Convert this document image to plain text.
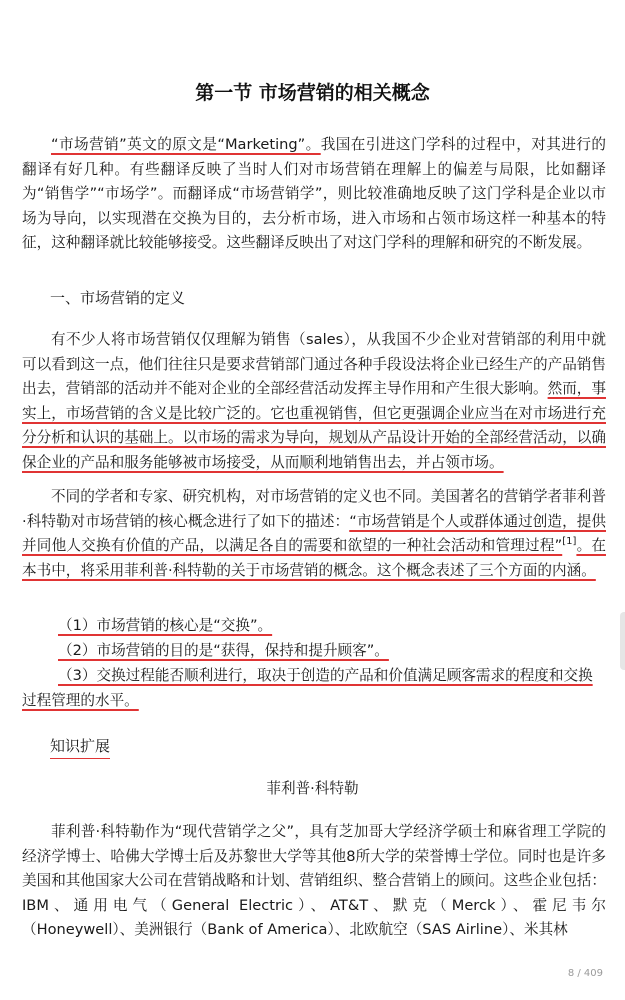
第一节 市场营销的相关概念

“市场营销”英文的原文是“Marketing”。我国在引进这门学科的过程中，对其进行的翻译有好几种。有些翻译反映了当时人们对市场营销在理解上的偏差与局限，比如翻译为“销售学”“市场学”。而翻译成“市场营销学”，则比较准确地反映了这门学科是企业以市场为导向，以实现潜在交换为目的，去分析市场，进入市场和占领市场这样一种基本的特征，这种翻译就比较能够接受。这些翻译反映出了对这门学科的理解和研究的不断发展。

一、市场营销的定义

有不少人将市场营销仅仅理解为销售（sales），从我国不少企业对营销部的利用中就可以看到这一点，他们往往只是要求营销部门通过各种手段设法将企业已经生产的产品销售出去，营销部的活动并不能对企业的全部经营活动发挥主导作用和产生很大影响。然而，事实上，市场营销的含义是比较广泛的。它也重视销售，但它更强调企业应当在对市场进行充分分析和认识的基础上。以市场的需求为导向，规划从产品设计开始的全部经营活动，以确保企业的产品和服务能够被市场接受，从而顺利地销售出去，并占领市场。

不同的学者和专家、研究机构，对市场营销的定义也不同。美国著名的营销学者菲利普·科特勒对市场营销的核心概念进行了如下的描述：“市场营销是个人或群体通过创造，提供并同他人交换有价值的产品，以满足各自的需要和欲望的一种社会活动和管理过程”[1]。在本书中，将采用菲利普·科特勒的关于市场营销的概念。这个概念表述了三个方面的内涵。

（1）市场营销的核心是“交换”。

（2）市场营销的目的是“获得，保持和提升顾客”。

（3）交换过程能否顺利进行，取决于创造的产品和价值满足顾客需求的程度和交换过程管理的水平。

知识扩展
菲利普·科特勒

菲利普·科特勒作为“现代营销学之父”，具有芝加哥大学经济学硕士和麻省理工学院的经济学博士、哈佛大学博士后及苏黎世大学等其他8所大学的荣誉博士学位。同时也是许多美国和其他国家大公司在营销战略和计划、营销组织、整合营销上的顾问。这些企业包括：IBM、通用电气（General Electric）、AT&T、默克（Merck）、霍尼韦尔（Honeywell）、美洲银行（Bank of America）、北欧航空（SAS Airline）、米其林

8 / 409
